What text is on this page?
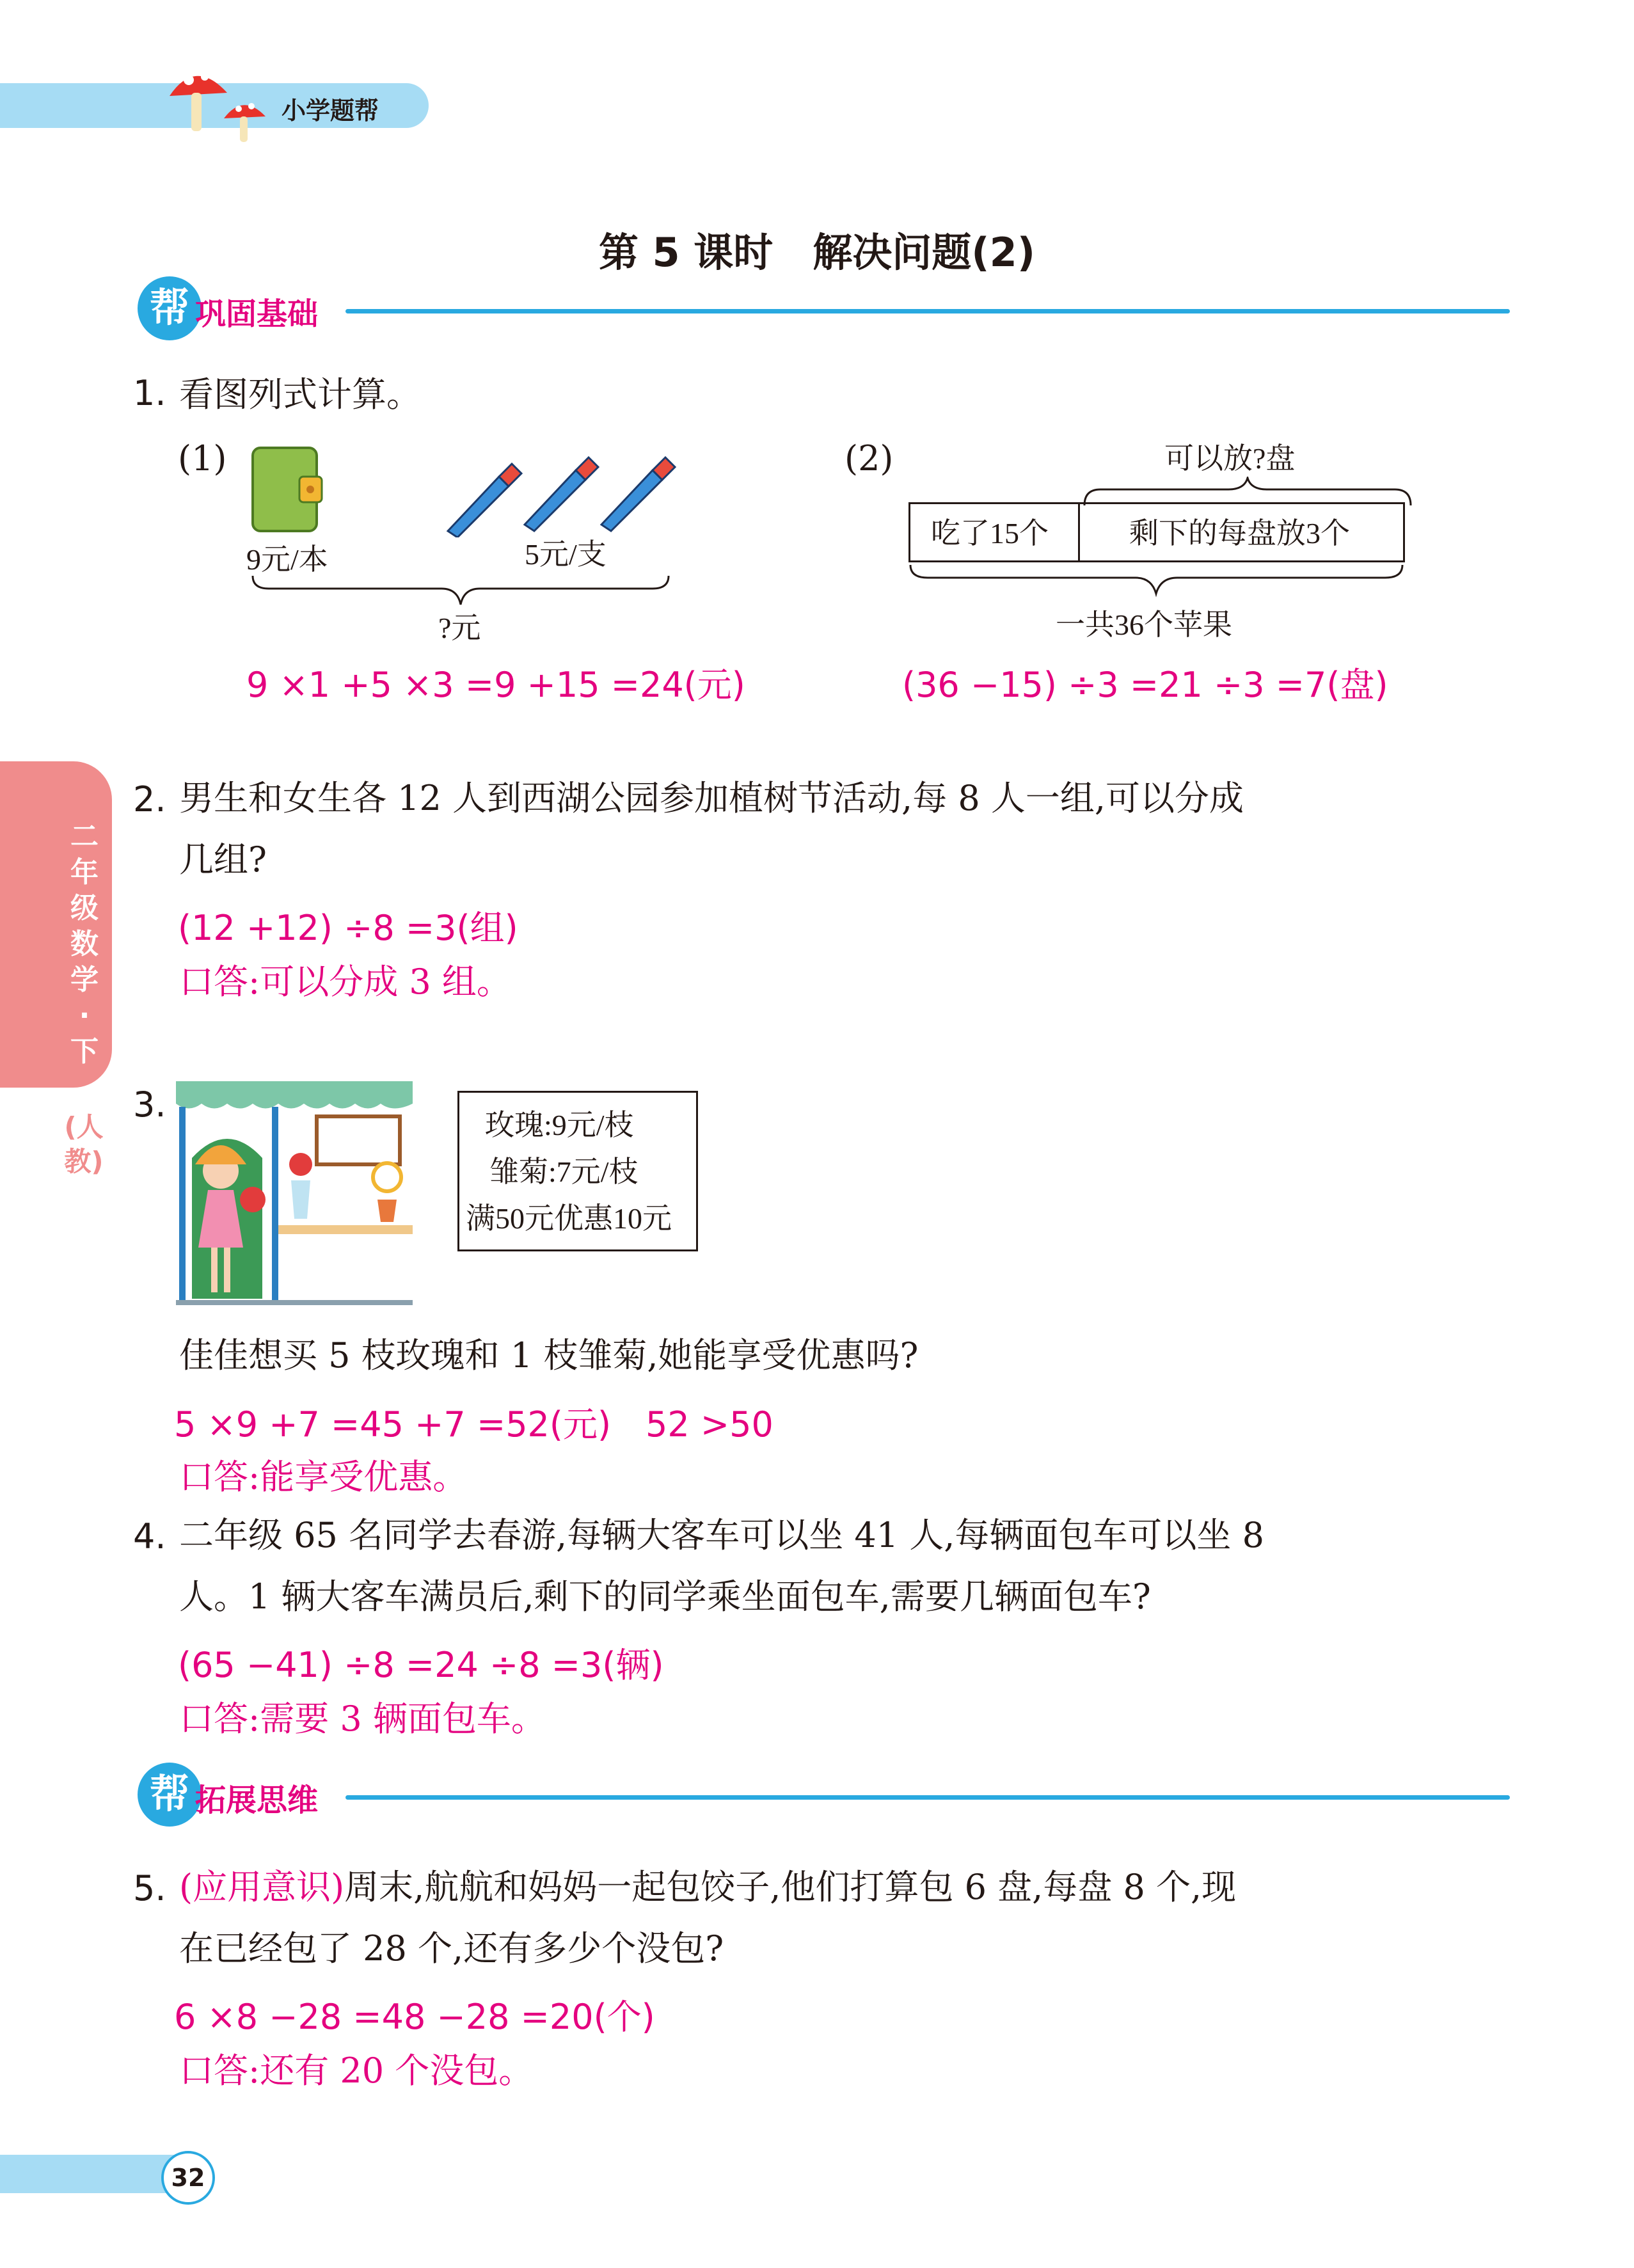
小学题帮
第 5 课时　解决问题(2)
帮 巩固基础
二年级数学·下
(人教)
1. 看图列式计算。
(1)
9元/本	5元/支
?元
9 ×1 +5 ×3 =9 +15 =24(元)
(2)	可以放?盘
吃了15个	剩下的每盘放3个
一共36个苹果
(36 −15) ÷3 =21 ÷3 =7(盘)
2. 男生和女生各 12 人到西湖公园参加植树节活动,每 8 人一组,可以分成
几组?
(12 +12) ÷8 =3(组)
口答:可以分成 3 组。
3.
玫瑰:9元/枝
雏菊:7元/枝
满50元优惠10元
佳佳想买 5 枝玫瑰和 1 枝雏菊,她能享受优惠吗?
5 ×9 +7 =45 +7 =52(元)　52 >50
口答:能享受优惠。
4. 二年级 65 名同学去春游,每辆大客车可以坐 41 人,每辆面包车可以坐 8
人。1 辆大客车满员后,剩下的同学乘坐面包车,需要几辆面包车?
(65 −41) ÷8 =24 ÷8 =3(辆)
口答:需要 3 辆面包车。
帮 拓展思维
5. (应用意识)周末,航航和妈妈一起包饺子,他们打算包 6 盘,每盘 8 个,现
在已经包了 28 个,还有多少个没包?
6 ×8 −28 =48 −28 =20(个)
口答:还有 20 个没包。
32
